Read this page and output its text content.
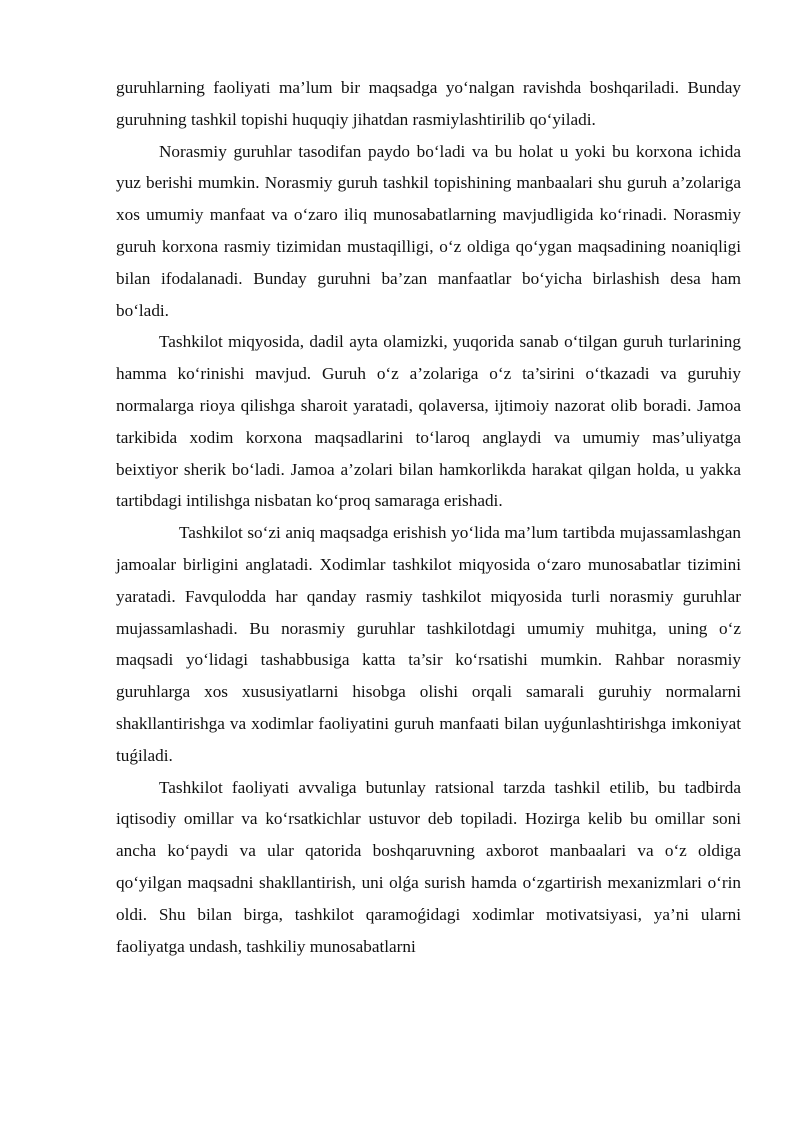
guruhlarning faoliyati ma’lum bir maqsadga yo‘nalgan ravishda boshqariladi. Bunday guruhning tashkil topishi huquqiy jihatdan rasmiylashtirilib qo‘yiladi.

Norasmiy guruhlar tasodifan paydo bo‘ladi va bu holat u yoki bu korxona ichida yuz berishi mumkin. Norasmiy guruh tashkil topishining manbaalari shu guruh a’zolariga xos umumiy manfaat va o‘zaro iliq munosabatlarning mavjudligida ko‘rinadi. Norasmiy guruh korxona rasmiy tizimidan mustaqilligi, o‘z oldiga qo‘ygan maqsadining noaniqligi bilan ifodalanadi. Bunday guruhni ba’zan manfaatlar bo‘yicha birlashish desa ham bo‘ladi.

Tashkilot miqyosida, dadil ayta olamizki, yuqorida sanab o‘tilgan guruh turlarining hamma ko‘rinishi mavjud. Guruh o‘z a’zolariga o‘z ta’sirini o‘tkazadi va guruhiy normalarga rioya qilishga sharoit yaratadi, qolaversa, ijtimoiy nazorat olib boradi. Jamoa tarkibida xodim korxona maqsadlarini to‘laroq anglaydi va umumiy mas’uliyatga beixtiyor sherik bo‘ladi. Jamoa a’zolari bilan hamkorlikda harakat qilgan holda, u yakka tartibdagi intilishga nisbatan ko‘proq samaraga erishadi.

Tashkilot so‘zi aniq maqsadga erishish yo‘lida ma’lum tartibda mujassamlashgan jamoalar birligini anglatadi. Xodimlar tashkilot miqyosida o‘zaro munosabatlar tizimini yaratadi. Favqulodda har qanday rasmiy tashkilot miqyosida turli norasmiy guruhlar mujassamlashadi. Bu norasmiy guruhlar tashkilotdagi umumiy muhitga, uning o‘z maqsadi yo‘lidagi tashabbusiga katta ta’sir ko‘rsatishi mumkin. Rahbar norasmiy guruhlarga xos xususiyatlarni hisobga olishi orqali samarali guruhiy normalarni shakllantirishga va xodimlar faoliyatini guruh manfaati bilan uyǵunlashtirishga imkoniyat tuǵiladi.

Tashkilot faoliyati avvaliga butunlay ratsional tarzda tashkil etilib, bu tadbirda iqtisodiy omillar va ko‘rsatkichlar ustuvor deb topiladi. Hozirga kelib bu omillar soni ancha ko‘paydi va ular qatorida boshqaruvning axborot manbaalari va o‘z oldiga qo‘yilgan maqsadni shakllantirish, uni olǵa surish hamda o‘zgartirish mexanizmlari o‘rin oldi. Shu bilan birga, tashkilot qaramoǵidagi xodimlar motivatsiyasi, ya’ni ularni faoliyatga undash, tashkiliy munosabatlarni
